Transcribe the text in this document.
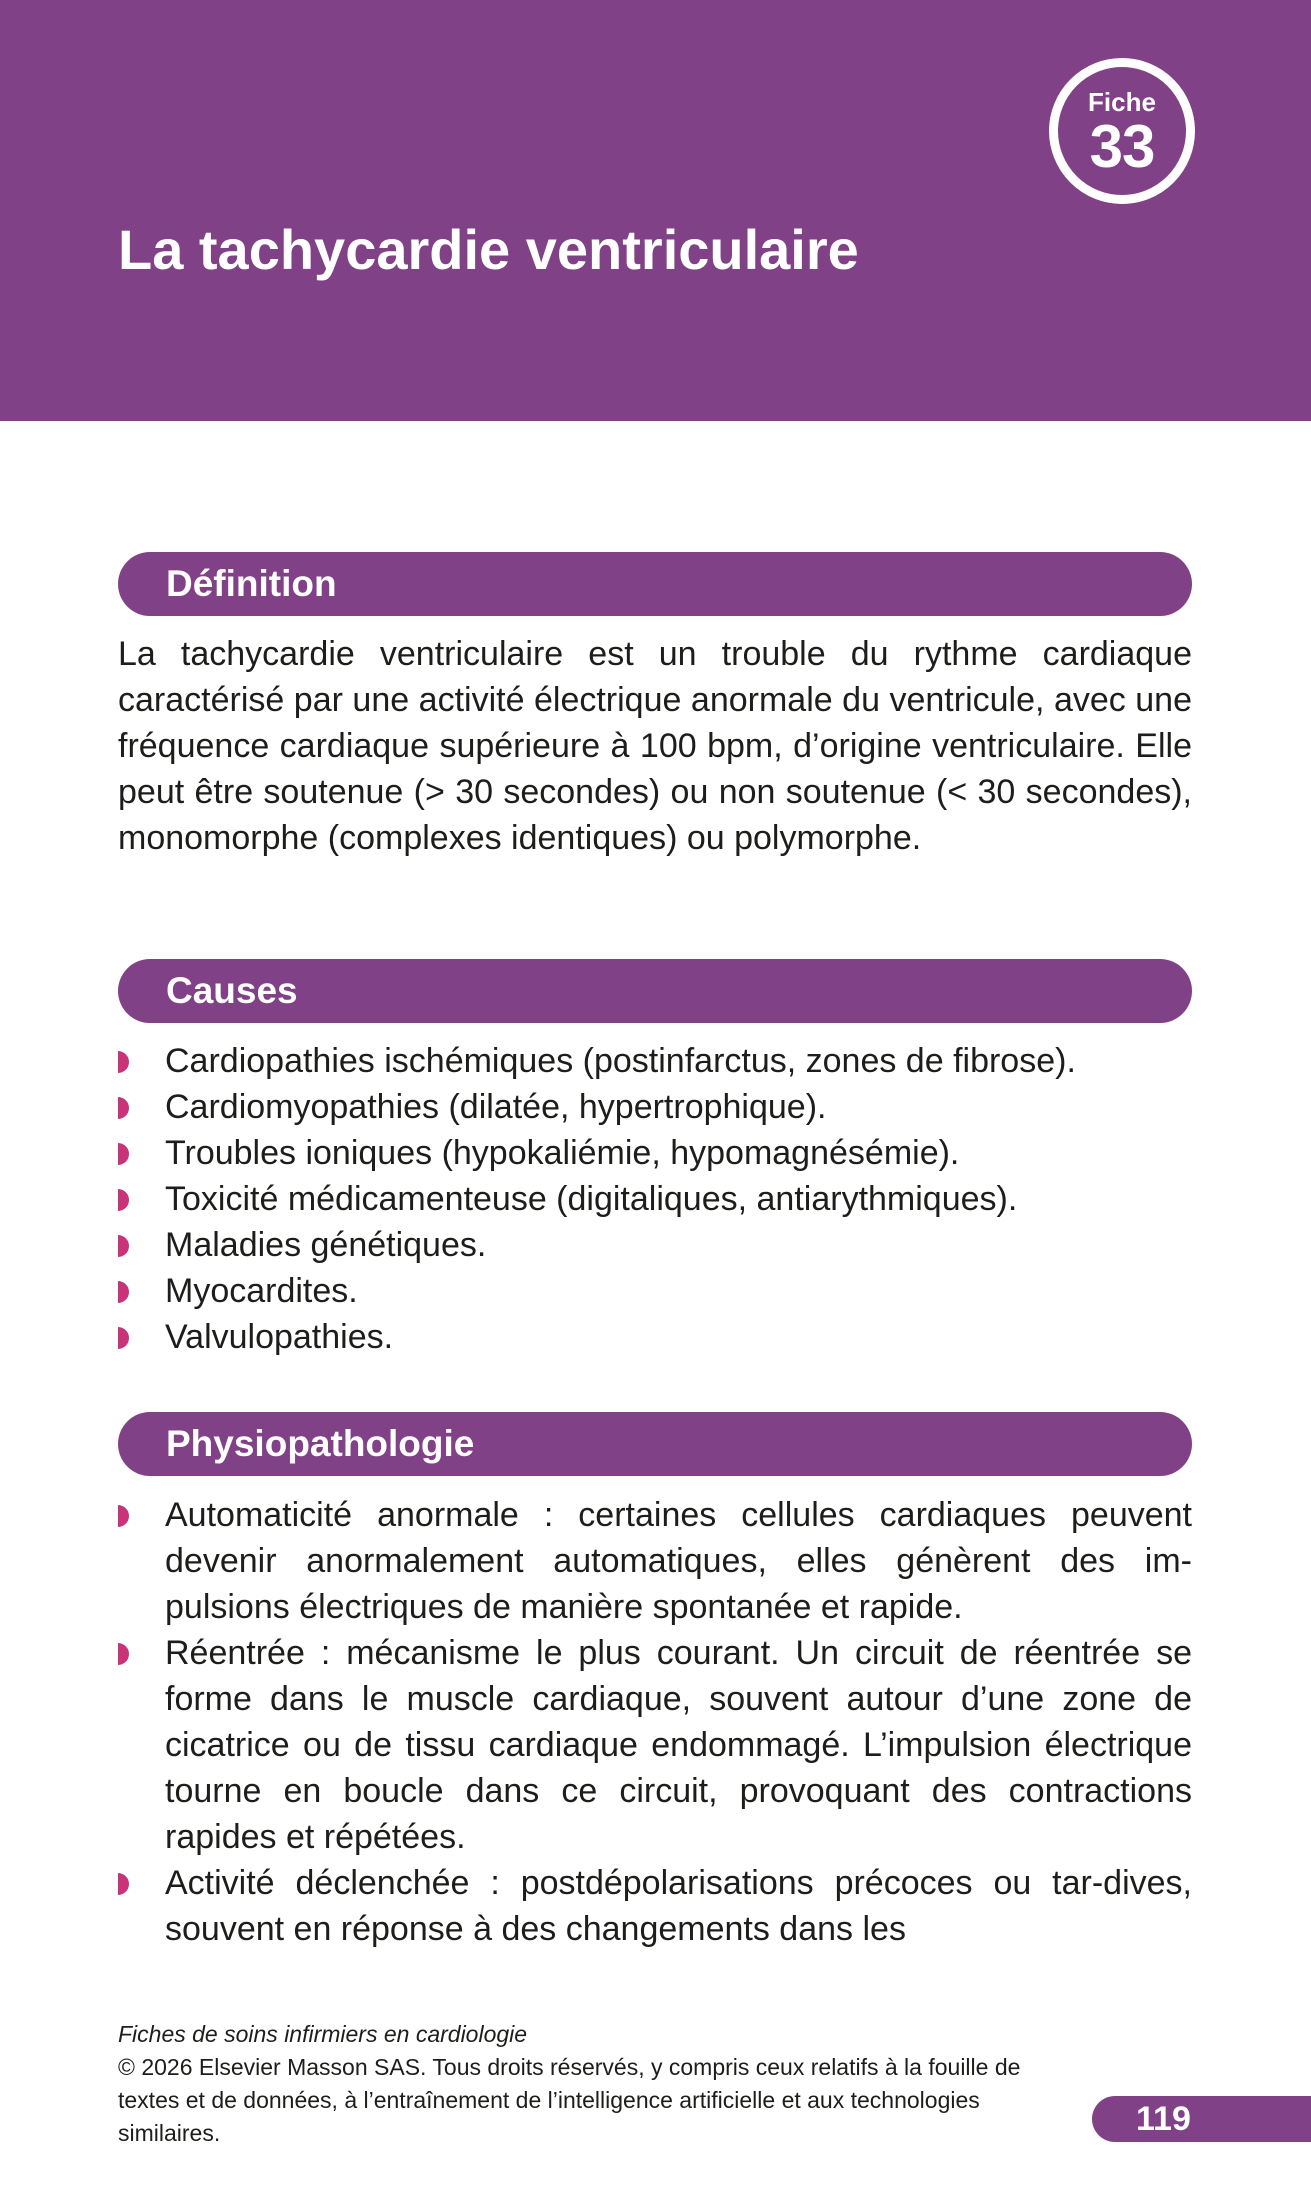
Fiche
33
La tachycardie ventriculaire
Définition

La tachycardie ventriculaire est un trouble du rythme cardiaque caractérisé par une activité électrique anormale du ventricule, avec une fréquence cardiaque supérieure à 100 bpm, d’origine ventriculaire. Elle peut être soutenue (> 30 secondes) ou non soutenue (< 30 secondes), monomorphe (complexes identiques) ou polymorphe.

Causes
Cardiopathies ischémiques (postinfarctus, zones de fibrose).
Cardiomyopathies (dilatée, hypertrophique).
Troubles ioniques (hypokaliémie, hypomagnésémie).
Toxicité médicamenteuse (digitaliques, antiarythmiques).
Maladies génétiques.
Myocardites.
Valvulopathies.
Physiopathologie
Automaticité anormale : certaines cellules cardiaques peuvent devenir anormalement automatiques, elles génèrent des im-pulsions électriques de manière spontanée et rapide.
Réentrée : mécanisme le plus courant. Un circuit de réentrée se forme dans le muscle cardiaque, souvent autour d’une zone de cicatrice ou de tissu cardiaque endommagé. L’impulsion électrique tourne en boucle dans ce circuit, provoquant des contractions rapides et répétées.
Activité déclenchée : postdépolarisations précoces ou tar-dives, souvent en réponse à des changements dans les
Fiches de soins infirmiers en cardiologie
© 2026 Elsevier Masson SAS. Tous droits réservés, y compris ceux relatifs à la fouille de textes et de données, à l’entraînement de l’intelligence artificielle et aux technologies similaires.	119
